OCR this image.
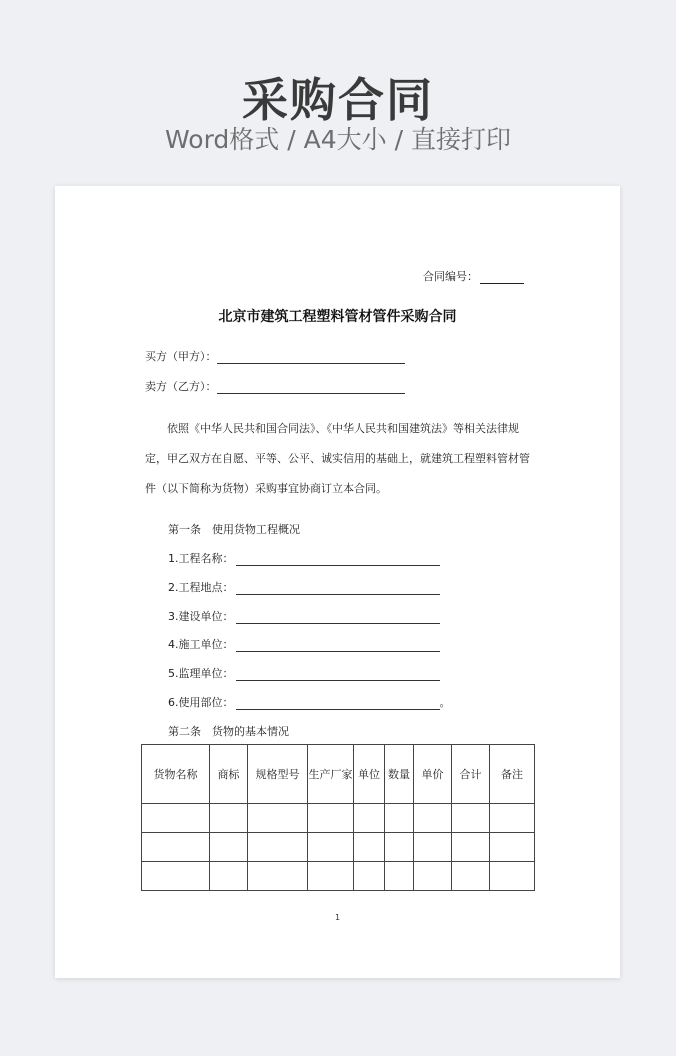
采购合同
Word格式 / A4大小 / 直接打印
合同编号：
北京市建筑工程塑料管材管件采购合同
买方（甲方）：
卖方（乙方）：

依照《中华人民共和国合同法》、《中华人民共和国建筑法》等相关法律规定，甲乙双方在自愿、平等、公平、诚实信用的基础上，就建筑工程塑料管材管件（以下简称为货物）采购事宜协商订立本合同。

第一条　使用货物工程概况
1.工程名称：
2.工程地点：
3.建设单位：
4.施工单位：
5.监理单位：
6.使用部位：	。
第二条　货物的基本情况
货物名称	商标	规格型号	生产厂家	单位	数量	单价	合计	备注

1
